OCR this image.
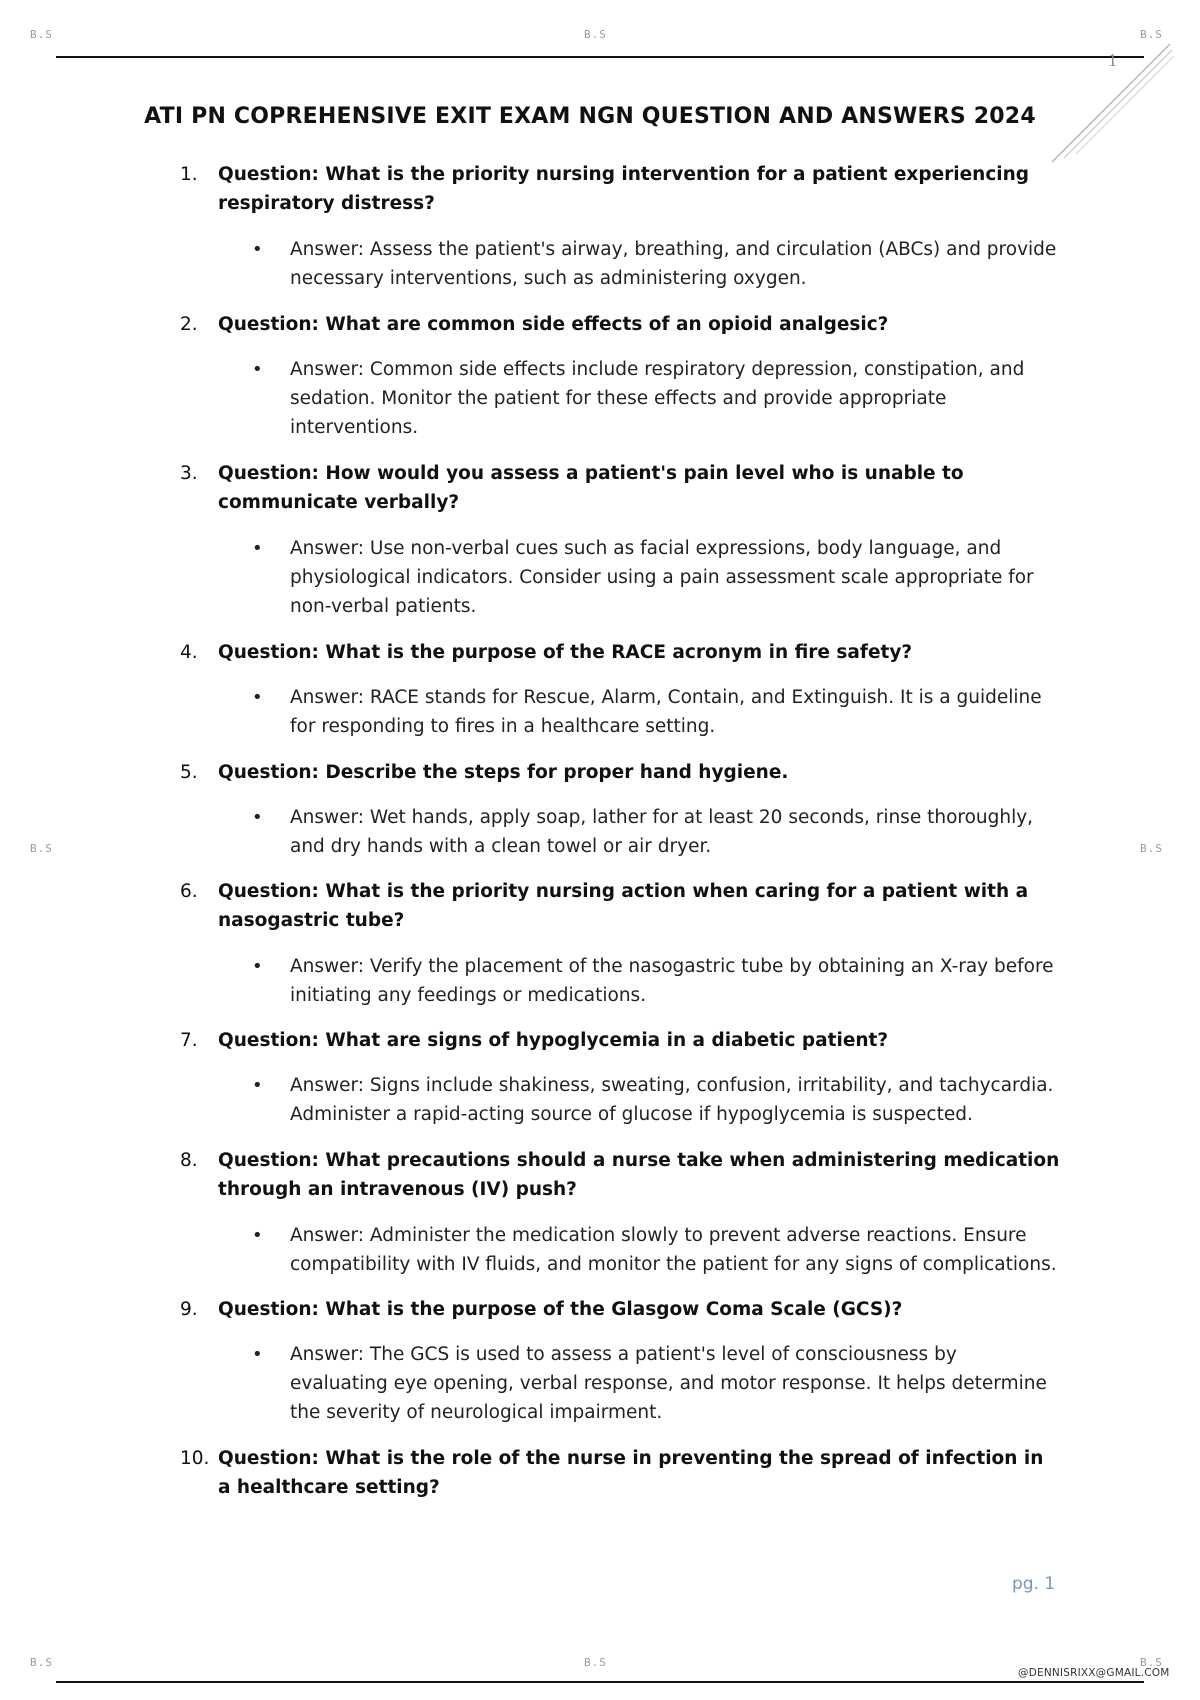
B.S	B.S	B.S
B.S	B.S
B.S	B.S	B.S
1
ATI PN COPREHENSIVE EXIT EXAM NGN QUESTION AND ANSWERS 2024
1.	Question: What is the priority nursing intervention for a patient experiencing respiratory distress?
• Answer: Assess the patient's airway, breathing, and circulation (ABCs) and provide necessary interventions, such as administering oxygen.
2.	Question: What are common side effects of an opioid analgesic?
• Answer: Common side effects include respiratory depression, constipation, and sedation. Monitor the patient for these effects and provide appropriate interventions.
3.	Question: How would you assess a patient's pain level who is unable to communicate verbally?
• Answer: Use non-verbal cues such as facial expressions, body language, and physiological indicators. Consider using a pain assessment scale appropriate for non-verbal patients.
4.	Question: What is the purpose of the RACE acronym in fire safety?
• Answer: RACE stands for Rescue, Alarm, Contain, and Extinguish. It is a guideline for responding to fires in a healthcare setting.
5.	Question: Describe the steps for proper hand hygiene.
• Answer: Wet hands, apply soap, lather for at least 20 seconds, rinse thoroughly, and dry hands with a clean towel or air dryer.
6.	Question: What is the priority nursing action when caring for a patient with a nasogastric tube?
• Answer: Verify the placement of the nasogastric tube by obtaining an X-ray before initiating any feedings or medications.
7.	Question: What are signs of hypoglycemia in a diabetic patient?
• Answer: Signs include shakiness, sweating, confusion, irritability, and tachycardia. Administer a rapid-acting source of glucose if hypoglycemia is suspected.
8.	Question: What precautions should a nurse take when administering medication through an intravenous (IV) push?
• Answer: Administer the medication slowly to prevent adverse reactions. Ensure compatibility with IV fluids, and monitor the patient for any signs of complications.
9.	Question: What is the purpose of the Glasgow Coma Scale (GCS)?
• Answer: The GCS is used to assess a patient's level of consciousness by evaluating eye opening, verbal response, and motor response. It helps determine the severity of neurological impairment.
10. Question: What is the role of the nurse in preventing the spread of infection in a healthcare setting?
pg. 1
@DENNISRIXX@GMAIL.COM
